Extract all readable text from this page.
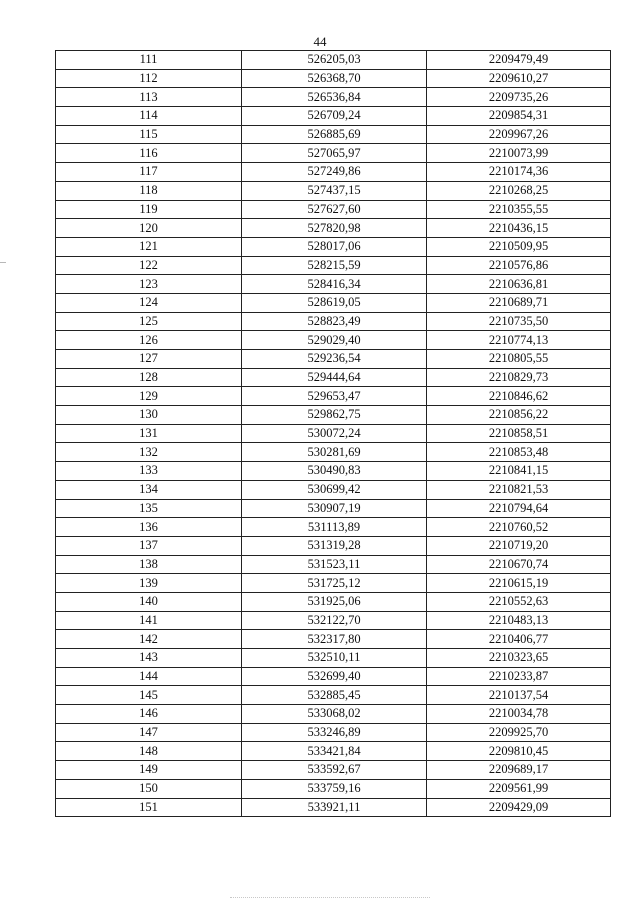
44
111	526205,03	2209479,49
112	526368,70	2209610,27
113	526536,84	2209735,26
114	526709,24	2209854,31
115	526885,69	2209967,26
116	527065,97	2210073,99
117	527249,86	2210174,36
118	527437,15	2210268,25
119	527627,60	2210355,55
120	527820,98	2210436,15
121	528017,06	2210509,95
122	528215,59	2210576,86
123	528416,34	2210636,81
124	528619,05	2210689,71
125	528823,49	2210735,50
126	529029,40	2210774,13
127	529236,54	2210805,55
128	529444,64	2210829,73
129	529653,47	2210846,62
130	529862,75	2210856,22
131	530072,24	2210858,51
132	530281,69	2210853,48
133	530490,83	2210841,15
134	530699,42	2210821,53
135	530907,19	2210794,64
136	531113,89	2210760,52
137	531319,28	2210719,20
138	531523,11	2210670,74
139	531725,12	2210615,19
140	531925,06	2210552,63
141	532122,70	2210483,13
142	532317,80	2210406,77
143	532510,11	2210323,65
144	532699,40	2210233,87
145	532885,45	2210137,54
146	533068,02	2210034,78
147	533246,89	2209925,70
148	533421,84	2209810,45
149	533592,67	2209689,17
150	533759,16	2209561,99
151	533921,11	2209429,09
